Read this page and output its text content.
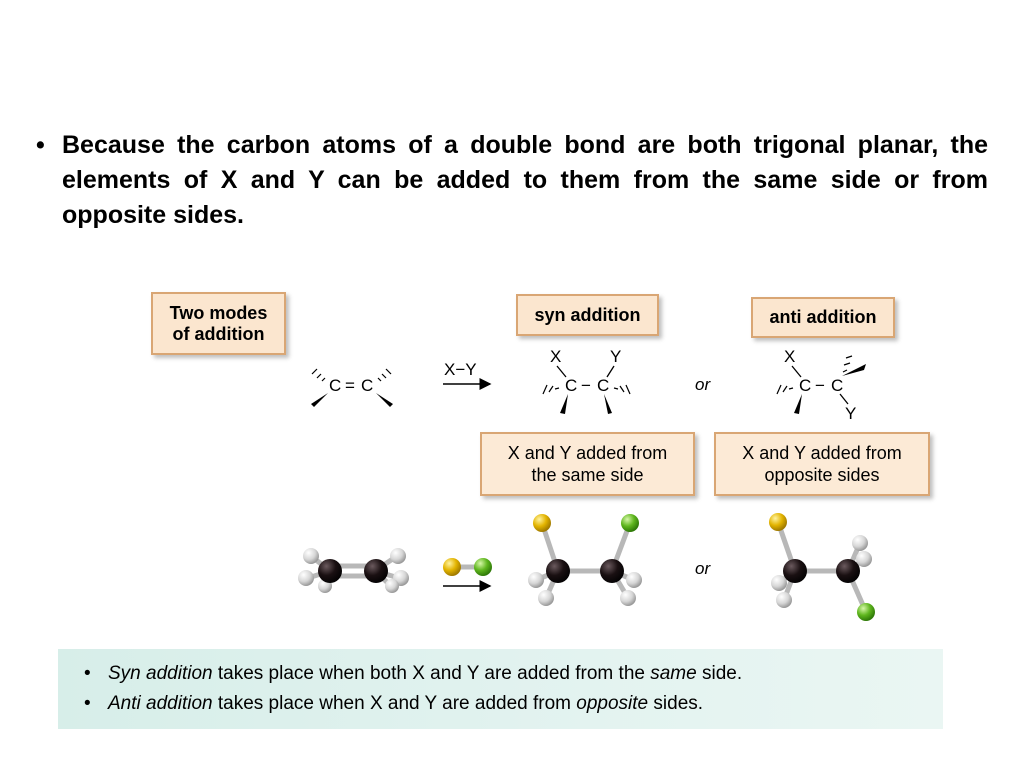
• Because the carbon atoms of a double bond are both trigonal planar, the elements of X and Y can be added to them from the same side or from opposite sides.
Two modes
of addition
syn addition	anti addition
X and Y added from
the same side
X and Y added from
opposite sides
C = C
X−Y
X	Y
C − C	or
X
C − C
Y
or
• Syn addition takes place when both X and Y are added from the same side.
• Anti addition takes place when X and Y are added from opposite sides.
